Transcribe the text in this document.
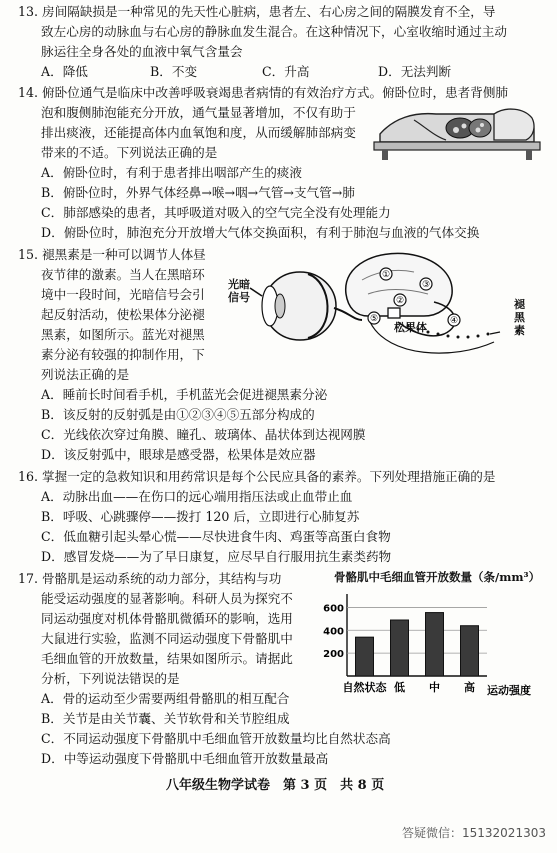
13. 房间隔缺损是一种常见的先天性心脏病，患者左、右心房之间的隔膜发育不全，导
致左心房的动脉血与右心房的静脉血发生混合。在这种情况下，心室收缩时通过主动
脉运往全身各处的血液中氧气含量会
A．降低	B．不变	C．升高	D．无法判断
14. 俯卧位通气是临床中改善呼吸衰竭患者病情的有效治疗方式。俯卧位时，患者背侧肺
泡和腹侧肺泡能充分开放，通气量显著增加，不仅有助于
排出痰液，还能提高体内血氧饱和度，从而缓解肺部病变
带来的不适。下列说法正确的是
A．俯卧位时，有利于患者排出咽部产生的痰液
B．俯卧位时，外界气体经鼻→喉→咽→气管→支气管→肺
C．肺部感染的患者，其呼吸道对吸入的空气完全没有处理能力
D．俯卧位时，肺泡充分开放增大气体交换面积，有利于肺泡与血液的气体交换
15. 褪黑素是一种可以调节人体昼
夜节律的激素。当人在黑暗环
境中一段时间，光暗信号会引
起反射活动，使松果体分泌褪
黑素，如图所示。蓝光对褪黑
素分泌有较强的抑制作用，下
列说法正确的是
光暗
信号
①
②
③
④
⑤
松果体
褪
黑
素
A．睡前长时间看手机，手机蓝光会促进褪黑素分泌
B．该反射的反射弧是由①②③④⑤五部分构成的
C．光线依次穿过角膜、瞳孔、玻璃体、晶状体到达视网膜
D．该反射弧中，眼球是感受器，松果体是效应器
16. 掌握一定的急救知识和用药常识是每个公民应具备的素养。下列处理措施正确的是
A．动脉出血——在伤口的远心端用指压法或止血带止血
B．呼吸、心跳骤停——拨打 120 后，立即进行心肺复苏
C．低血糖引起头晕心慌——尽快进食牛肉、鸡蛋等高蛋白食物
D．感冒发烧——为了早日康复，应尽早自行服用抗生素类药物
17. 骨骼肌是运动系统的动力部分，其结构与功
能受运动强度的显著影响。科研人员为探究不
同运动强度对机体骨骼肌微循环的影响，选用
大鼠进行实验，监测不同运动强度下骨骼肌中
毛细血管的开放数量，结果如图所示。请据此
分析，下列说法错误的是
骨骼肌中毛细血管开放数量（条/mm³）
200
400
600
自然状态 低 中 高 运动强度
A．骨的运动至少需要两组骨骼肌的相互配合
B．关节是由关节囊、关节软骨和关节腔组成
C．不同运动强度下骨骼肌中毛细血管开放数量均比自然状态高
D．中等运动强度下骨骼肌中毛细血管开放数量最高
八年级生物学试卷　第 3 页　共 8 页
答疑微信：15132021303
